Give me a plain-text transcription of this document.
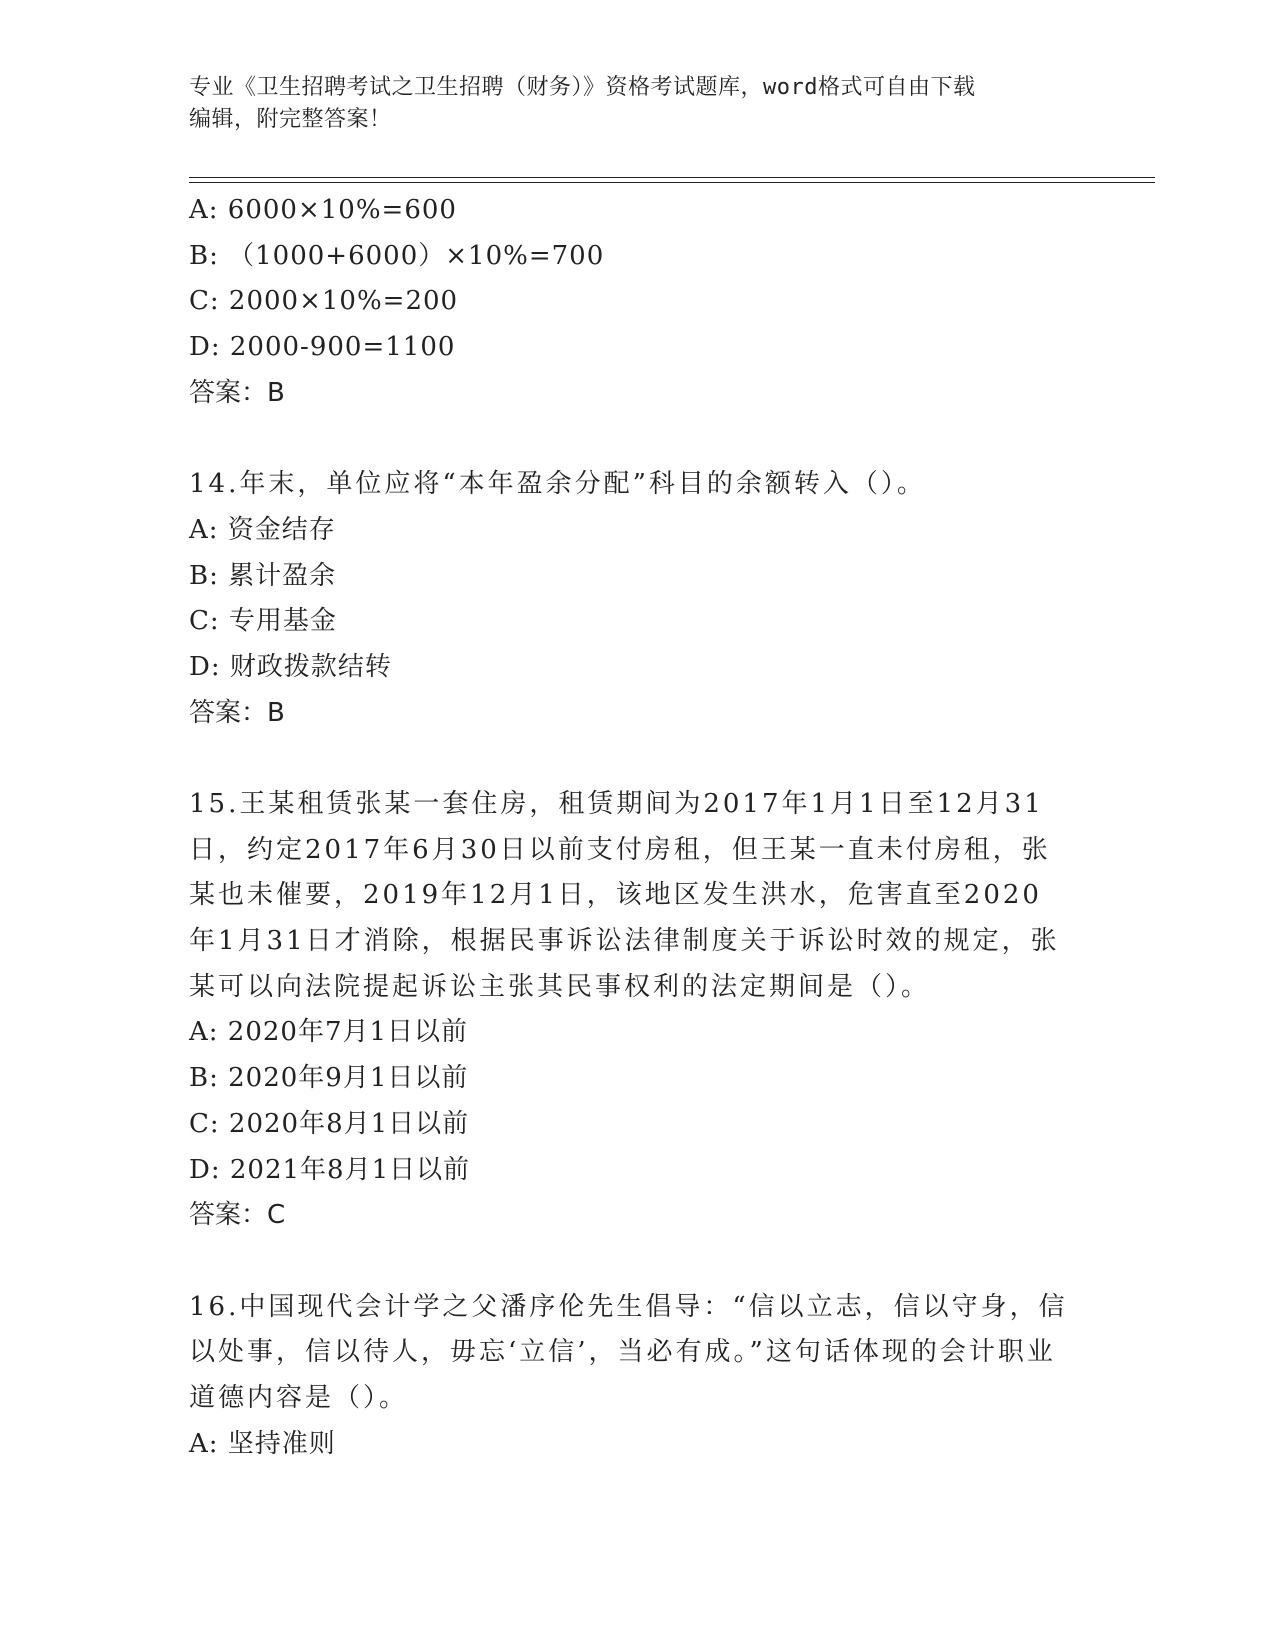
专业《卫生招聘考试之卫生招聘（财务）》资格考试题库，word格式可自由下载
编辑，附完整答案！
A: 6000×10%=600
B: （1000+6000）×10%=700
C: 2000×10%=200
D: 2000-900=1100
答案：B
14.年末，单位应将“本年盈余分配”科目的余额转入（）。
A: 资金结存
B: 累计盈余
C: 专用基金
D: 财政拨款结转
答案：B
15.王某租赁张某一套住房，租赁期间为2017年1月1日至12月31日，约定2017年6月30日以前支付房租，但王某一直未付房租，张某也未催要，2019年12月1日，该地区发生洪水，危害直至2020年1月31日才消除，根据民事诉讼法律制度关于诉讼时效的规定，张某可以向法院提起诉讼主张其民事权利的法定期间是（）。
A: 2020年7月1日以前
B: 2020年9月1日以前
C: 2020年8月1日以前
D: 2021年8月1日以前
答案：C
16.中国现代会计学之父潘序伦先生倡导：“信以立志，信以守身，信以处事，信以待人，毋忘‘立信’，当必有成。”这句话体现的会计职业道德内容是（）。
A: 坚持准则
